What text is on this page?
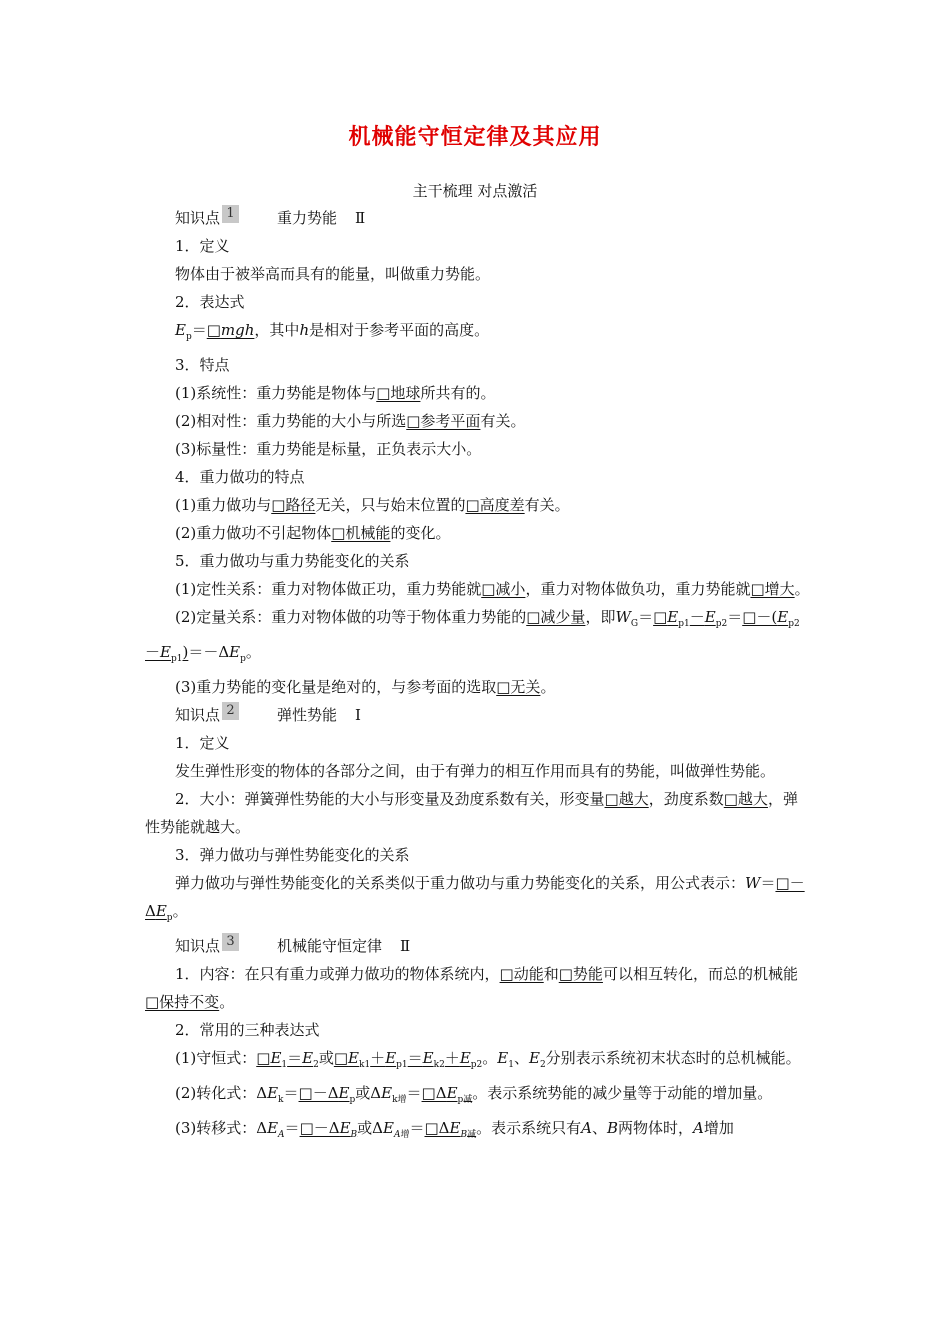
机械能守恒定律及其应用
主干梳理 对点激活
知识点 1	重力势能 Ⅱ

1．定义

物体由于被举高而具有的能量，叫做重力势能。

2．表达式

$E_p=□mgh$，其中h是相对于参考平面的高度。

3．特点

(1)系统性：重力势能是物体与□地球所共有的。

(2)相对性：重力势能的大小与所选□参考平面有关。

(3)标量性：重力势能是标量，正负表示大小。

4．重力做功的特点

(1)重力做功与□路径无关，只与始末位置的□高度差有关。

(2)重力做功不引起物体□机械能的变化。

5．重力做功与重力势能变化的关系

(1)定性关系：重力对物体做正功，重力势能就□减小，重力对物体做负功，重力势能就□增大。

(2)定量关系：重力对物体做的功等于物体重力势能的□减少量，即$W_G=□E_{p1}-E_{p2}=□-(E_{p2}-E_{p1})=-\Delta E_p$。

(3)重力势能的变化量是绝对的，与参考面的选取□无关。

知识点 2	弹性势能 Ⅰ

1．定义

发生弹性形变的物体的各部分之间，由于有弹力的相互作用而具有的势能，叫做弹性势能。

2．大小：弹簧弹性势能的大小与形变量及劲度系数有关，形变量□越大，劲度系数□越大，弹性势能就越大。

3．弹力做功与弹性势能变化的关系

弹力做功与弹性势能变化的关系类似于重力做功与重力势能变化的关系，用公式表示：$W=□-\Delta E_p$。

知识点 3	机械能守恒定律 Ⅱ

1．内容：在只有重力或弹力做功的物体系统内，□动能和□势能可以相互转化，而总的机械能□保持不变。

2．常用的三种表达式

(1)守恒式：$□E_1=E_2$或$□E_{k1}+E_{p1}=E_{k2}+E_{p2}$。$E_1$、$E_2$分别表示系统初末状态时的总机械能。

(2)转化式：$\Delta E_k=□-\Delta E_p$或$\Delta E_{k增}=□\Delta E_{p减}$。表示系统势能的减少量等于动能的增加量。

(3)转移式：$\Delta E_A=□-\Delta E_B$或$\Delta E_{A增}=□\Delta E_{B减}$。表示系统只有A、B两物体时，A增加
